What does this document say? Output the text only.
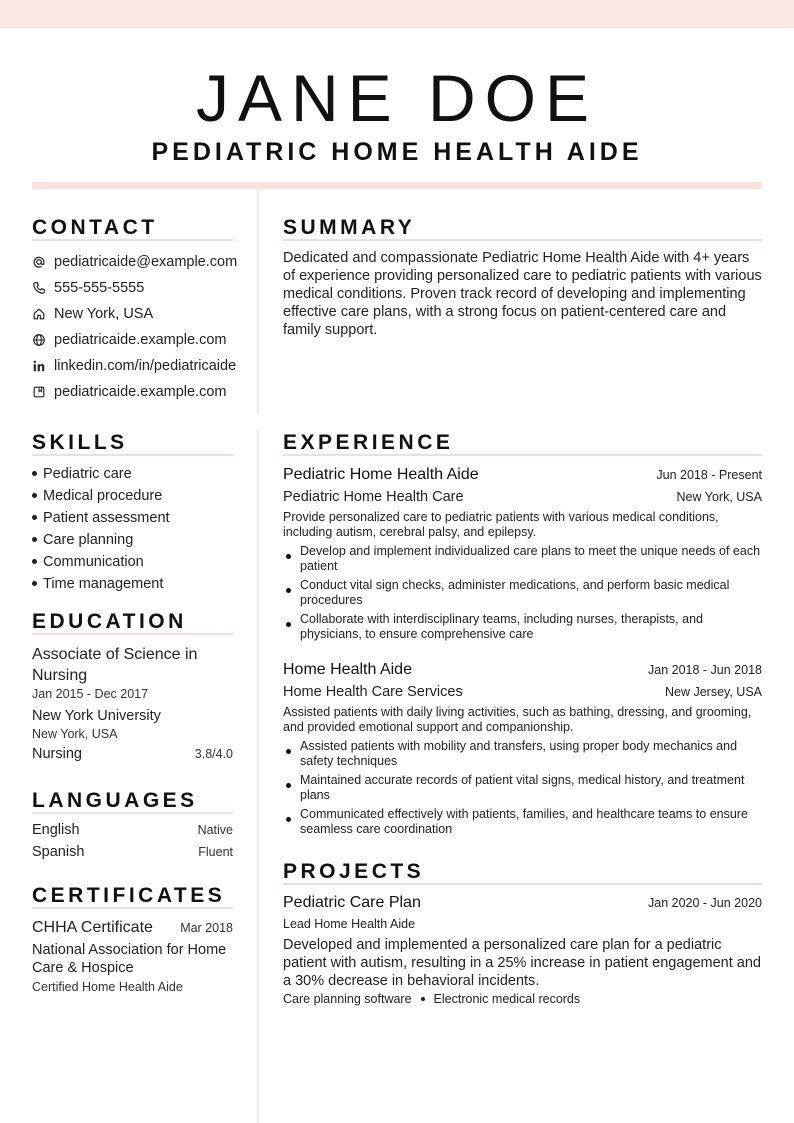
JANE DOE
PEDIATRIC HOME HEALTH AIDE
CONTACT
pediatricaide@example.com
555-555-5555
New York, USA
pediatricaide.example.com
linkedin.com/in/pediatricaide
pediatricaide.example.com
SUMMARY
Dedicated and compassionate Pediatric Home Health Aide with 4+ years of experience providing personalized care to pediatric patients with various medical conditions. Proven track record of developing and implementing effective care plans, with a strong focus on patient-centered care and family support.
SKILLS
Pediatric care
Medical procedure
Patient assessment
Care planning
Communication
Time management
EDUCATION
Associate of Science in Nursing
Jan 2015 - Dec 2017
New York University
New York, USA
Nursing	3.8/4.0
LANGUAGES
English	Native
Spanish	Fluent
CERTIFICATES
CHHA Certificate Mar 2018
National Association for Home Care & Hospice
Certified Home Health Aide
EXPERIENCE
Pediatric Home Health Aide	Jun 2018 - Present
Pediatric Home Health Care	New York, USA
Provide personalized care to pediatric patients with various medical conditions, including autism, cerebral palsy, and epilepsy.
Develop and implement individualized care plans to meet the unique needs of each patient
Conduct vital sign checks, administer medications, and perform basic medical procedures
Collaborate with interdisciplinary teams, including nurses, therapists, and physicians, to ensure comprehensive care
Home Health Aide	Jan 2018 - Jun 2018
Home Health Care Services	New Jersey, USA
Assisted patients with daily living activities, such as bathing, dressing, and grooming, and provided emotional support and companionship.
Assisted patients with mobility and transfers, using proper body mechanics and safety techniques
Maintained accurate records of patient vital signs, medical history, and treatment plans
Communicated effectively with patients, families, and healthcare teams to ensure seamless care coordination
PROJECTS
Pediatric Care Plan	Jan 2020 - Jun 2020
Lead Home Health Aide
Developed and implemented a personalized care plan for a pediatric patient with autism, resulting in a 25% increase in patient engagement and a 30% decrease in behavioral incidents.
Care planning software Electronic medical records
